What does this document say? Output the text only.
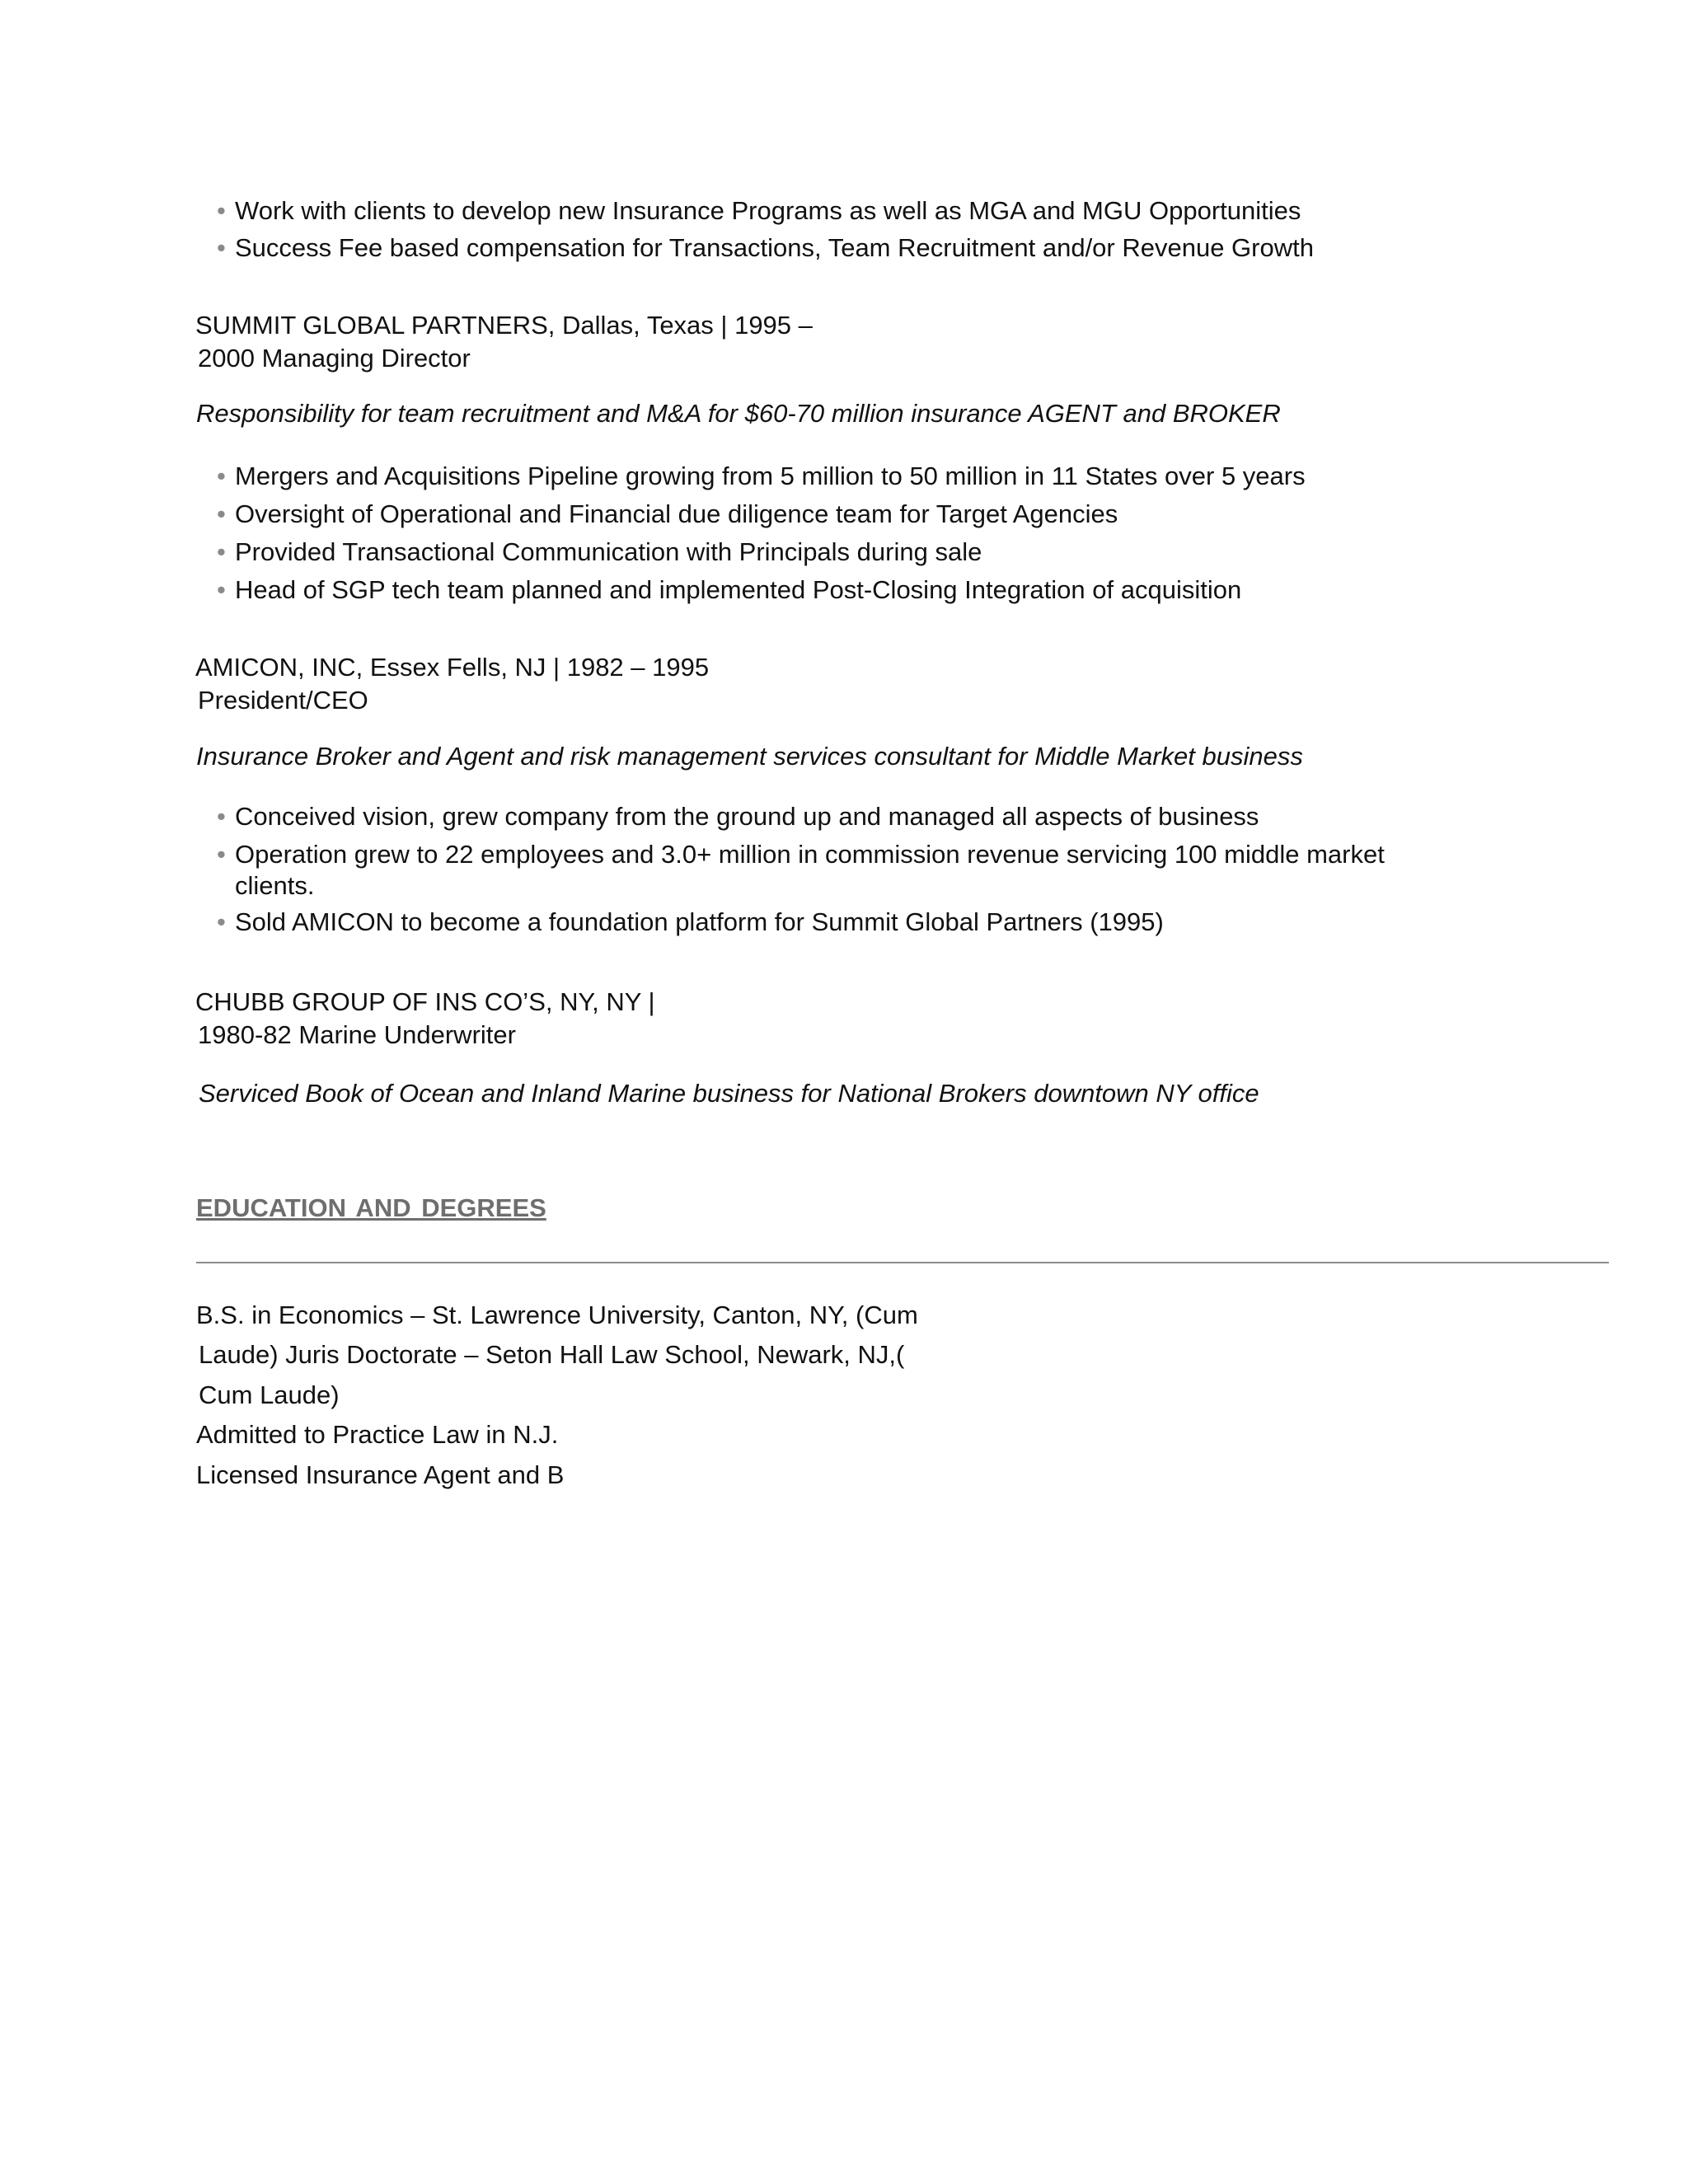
• Work with clients to develop new Insurance Programs as well as MGA and MGU Opportunities
• Success Fee based compensation for Transactions, Team Recruitment and/or Revenue Growth
SUMMIT GLOBAL PARTNERS, Dallas, Texas | 1995 –
2000 Managing Director
Responsibility for team recruitment and M&A for $60-70 million insurance AGENT and BROKER
• Mergers and Acquisitions Pipeline growing from 5 million to 50 million in 11 States over 5 years
• Oversight of Operational and Financial due diligence team for Target Agencies
• Provided Transactional Communication with Principals during sale
• Head of SGP tech team planned and implemented Post-Closing Integration of acquisition
AMICON, INC, Essex Fells, NJ | 1982 – 1995
President/CEO
Insurance Broker and Agent and risk management services consultant for Middle Market business
• Conceived vision, grew company from the ground up and managed all aspects of business
• Operation grew to 22 employees and 3.0+ million in commission revenue servicing 100 middle market clients.
• Sold AMICON to become a foundation platform for Summit Global Partners (1995)
CHUBB GROUP OF INS CO’S, NY, NY |
1980-82 Marine Underwriter
Serviced Book of Ocean and Inland Marine business for National Brokers downtown NY office
EDUCATION AND DEGREES
B.S. in Economics – St. Lawrence University, Canton, NY, (Cum
Laude) Juris Doctorate – Seton Hall Law School, Newark, NJ,(
Cum Laude)
Admitted to Practice Law in N.J.
Licensed Insurance Agent and B
